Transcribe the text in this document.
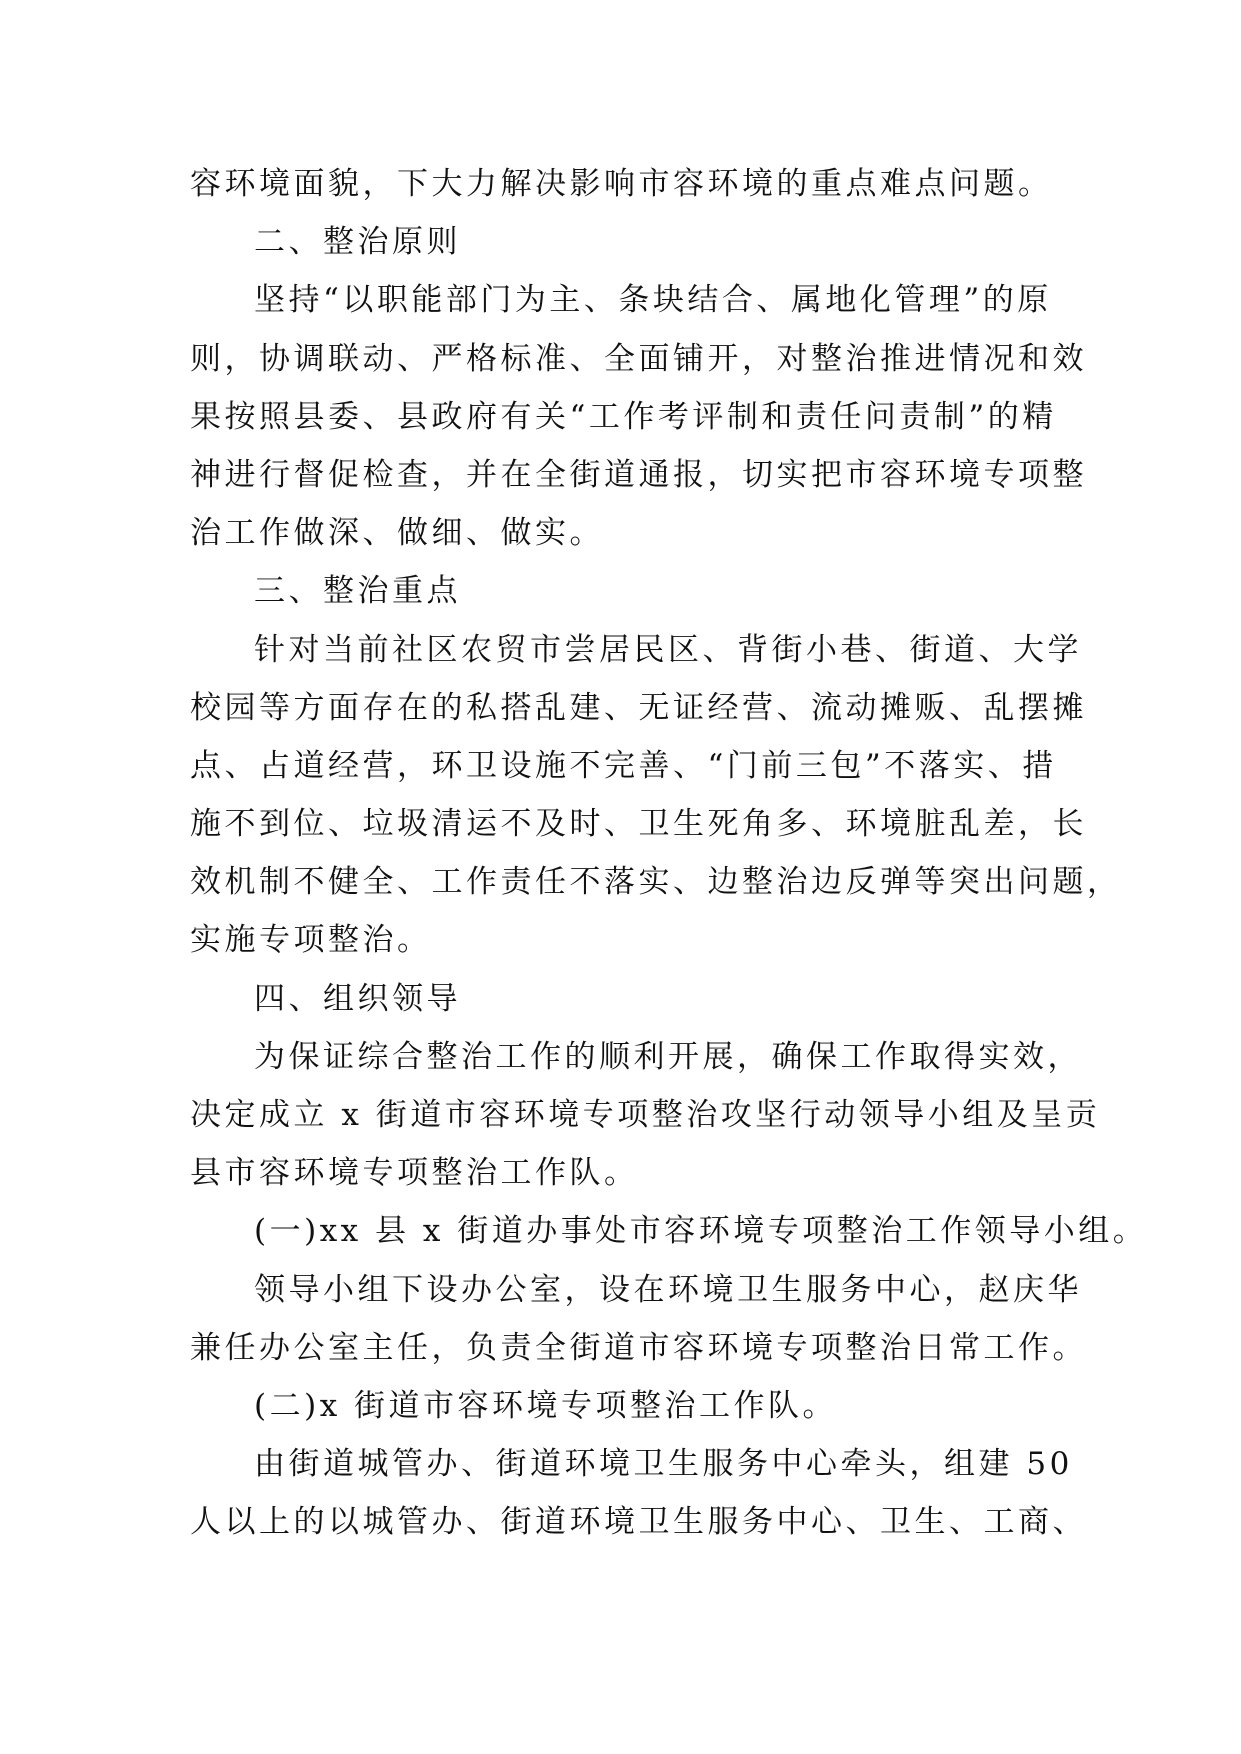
容环境面貌，下大力解决影响市容环境的重点难点问题。
二、整治原则
坚持“以职能部门为主、条块结合、属地化管理”的原
则，协调联动、严格标准、全面铺开，对整治推进情况和效
果按照县委、县政府有关“工作考评制和责任问责制”的精
神进行督促检查，并在全街道通报，切实把市容环境专项整
治工作做深、做细、做实。
三、整治重点
针对当前社区农贸市尝居民区、背街小巷、街道、大学
校园等方面存在的私搭乱建、无证经营、流动摊贩、乱摆摊
点、占道经营，环卫设施不完善、“门前三包”不落实、措
施不到位、垃圾清运不及时、卫生死角多、环境脏乱差，长
效机制不健全、工作责任不落实、边整治边反弹等突出问题，
实施专项整治。
四、组织领导
为保证综合整治工作的顺利开展，确保工作取得实效，
决定成立 x 街道市容环境专项整治攻坚行动领导小组及呈贡
县市容环境专项整治工作队。
(一)xx 县 x 街道办事处市容环境专项整治工作领导小组。
领导小组下设办公室，设在环境卫生服务中心，赵庆华
兼任办公室主任，负责全街道市容环境专项整治日常工作。
(二)x 街道市容环境专项整治工作队。
由街道城管办、街道环境卫生服务中心牵头，组建 50
人以上的以城管办、街道环境卫生服务中心、卫生、工商、
